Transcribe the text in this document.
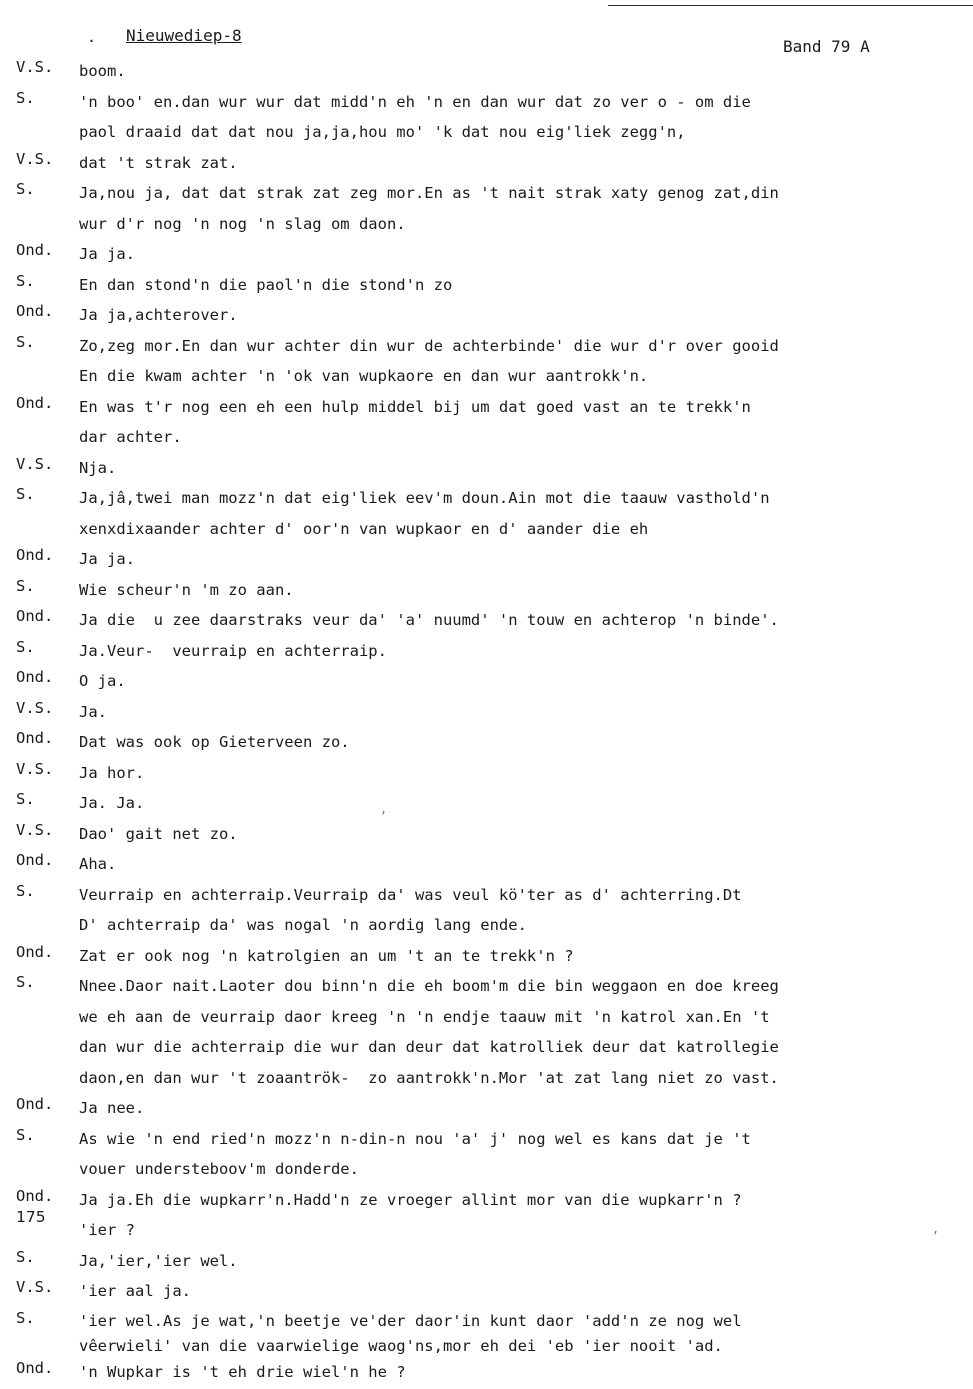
. Nieuwediep-8
Band 79 A
V.S.	boom.
S.	'n boo' en.dan wur wur dat midd'n eh 'n en dan wur dat zo ver o - om die
paol draaid dat dat nou ja,ja,hou mo' 'k dat nou eig'liek zegg'n,
V.S.	dat 't strak zat.
S.	Ja,nou ja, dat dat strak zat zeg mor.En as 't nait strak xaty genog zat,din
wur d'r nog 'n nog 'n slag om daon.
Ond.	Ja ja.
S.	En dan stond'n die paol'n die stond'n zo
Ond.	Ja ja,achterover.
S.	Zo,zeg mor.En dan wur achter din wur de achterbinde' die wur d'r over gooid
En die kwam achter 'n 'ok van wupkaore en dan wur aantrokk'n.
Ond.	En was t'r nog een eh een hulp middel bij um dat goed vast an te trekk'n
dar achter.
V.S.	Nja.
S.	Ja,jâ,twei man mozz'n dat eig'liek eev'm doun.Ain mot die taauw vasthold'n
xenxdixaander achter d' oor'n van wupkaor en d' aander die eh
Ond.	Ja ja.
S.	Wie scheur'n 'm zo aan.
Ond.	Ja die  u zee daarstraks veur da' 'a' nuumd' 'n touw en achterop 'n binde'.
S.	Ja.Veur-  veurraip en achterraip.
Ond.	O ja.
V.S.	Ja.
Ond.	Dat was ook op Gieterveen zo.
V.S.	Ja hor.
S.	Ja. Ja.
V.S.	Dao' gait net zo.
Ond.	Aha.
S.	Veurraip en achterraip.Veurraip da' was veul kö'ter as d' achterring.Dt
D' achterraip da' was nogal 'n aordig lang ende.
Ond.	Zat er ook nog 'n katrolgien an um 't an te trekk'n ?
S.	Nnee.Daor nait.Laoter dou binn'n die eh boom'm die bin weggaon en doe kreeg
we eh aan de veurraip daor kreeg 'n 'n endje taauw mit 'n katrol xan.En 't
dan wur die achterraip die wur dan deur dat katrolliek deur dat katrollegie
daon,en dan wur 't zoaantrök-  zo aantrokk'n.Mor 'at zat lang niet zo vast.
Ond.	Ja nee.
S.	As wie 'n end ried'n mozz'n n-din-n nou 'a' j' nog wel es kans dat je 't
vouer understeboov'm donderde.
Ond.	Ja ja.Eh die wupkarr'n.Hadd'n ze vroeger allint mor van die wupkarr'n ?
'ier ?
S.	Ja,'ier,'ier wel.
V.S.	'ier aal ja.
S.	'ier wel.As je wat,'n beetje ve'der daor'in kunt daor 'add'n ze nog wel
vêerwieli' van die vaarwielige waog'ns,mor eh dei 'eb 'ier nooit 'ad.
Ond.	'n Wupkar is 't eh drie wiel'n he ?
175
,
,
